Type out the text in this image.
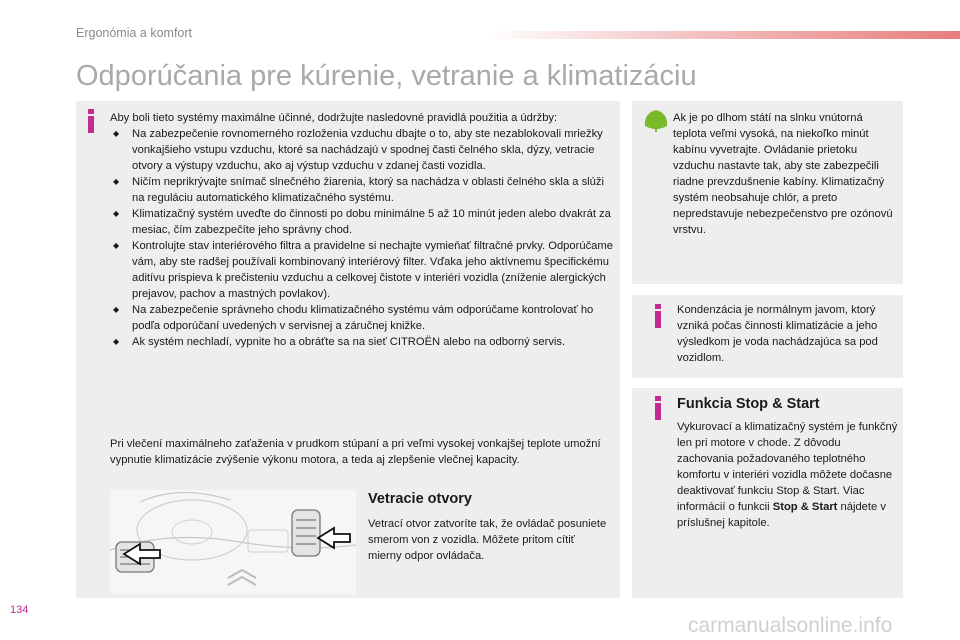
Ergonómia a komfort
Odporúčania pre kúrenie, vetranie a klimatizáciu
Aby boli tieto systémy maximálne účinné, dodržujte nasledovné pravidlá použitia a údržby:
◆ Na zabezpečenie rovnomerného rozloženia vzduchu dbajte o to, aby ste nezablokovali mriežky vonkajšieho vstupu vzduchu, ktoré sa nachádzajú v spodnej časti čelného skla, dýzy, vetracie otvory a výstupy vzduchu, ako aj výstup vzduchu v zdanej časti vozidla.
◆ Ničím neprikrývajte snímač slnečného žiarenia, ktorý sa nachádza v oblasti čelného skla a slúži na reguláciu automatického klimatizačného systému.
◆ Klimatizačný systém uveďte do činnosti po dobu minimálne 5 až 10 minút jeden alebo dvakrát za mesiac, čím zabezpečíte jeho správny chod.
◆ Kontrolujte stav interiérového filtra a pravidelne si nechajte vymieňať filtračné prvky. Odporúčame vám, aby ste radšej používali kombinovaný interiérový filter. Vďaka jeho aktívnemu špecifickému aditívu prispieva k prečisteniu vzduchu a celkovej čistote v interiéri vozidla (zníženie alergických prejavov, pachov a mastných povlakov).
◆ Na zabezpečenie správneho chodu klimatizačného systému vám odporúčame kontrolovať ho podľa odporúčaní uvedených v servisnej a záručnej knižke.
◆ Ak systém nechladí, vypnite ho a obráťte sa na sieť CITROËN alebo na odborný servis.
Pri vlečení maximálneho zaťaženia v prudkom stúpaní a pri veľmi vysokej vonkajšej teplote umožní vypnutie klimatizácie zvýšenie výkonu motora, a teda aj zlepšenie vlečnej kapacity.
Vetracie otvory
Vetrací otvor zatvoríte tak, že ovládač posuniete smerom von z vozidla. Môžete pritom cítiť mierny odpor ovládača.
Ak je po dlhom státí na slnku vnútorná teplota veľmi vysoká, na niekoľko minút kabínu vyvetrajte. Ovládanie prietoku vzduchu nastavte tak, aby ste zabezpečili riadne prevzdušnenie kabíny. Klimatizačný systém neobsahuje chlór, a preto nepredstavuje nebezpečenstvo pre ozónovú vrstvu.
Kondenzácia je normálnym javom, ktorý vzniká počas činnosti klimatizácie a jeho výsledkom je voda nachádzajúca sa pod vozidlom.
Funkcia Stop & Start
Vykurovací a klimatizačný systém je funkčný len pri motore v chode. Z dôvodu zachovania požadovaného teplotného komfortu v interiéri vozidla môžete dočasne deaktivovať funkciu Stop & Start. Viac informácií o funkcii Stop & Start nájdete v príslušnej kapitole.
134
carmanualsonline.info
